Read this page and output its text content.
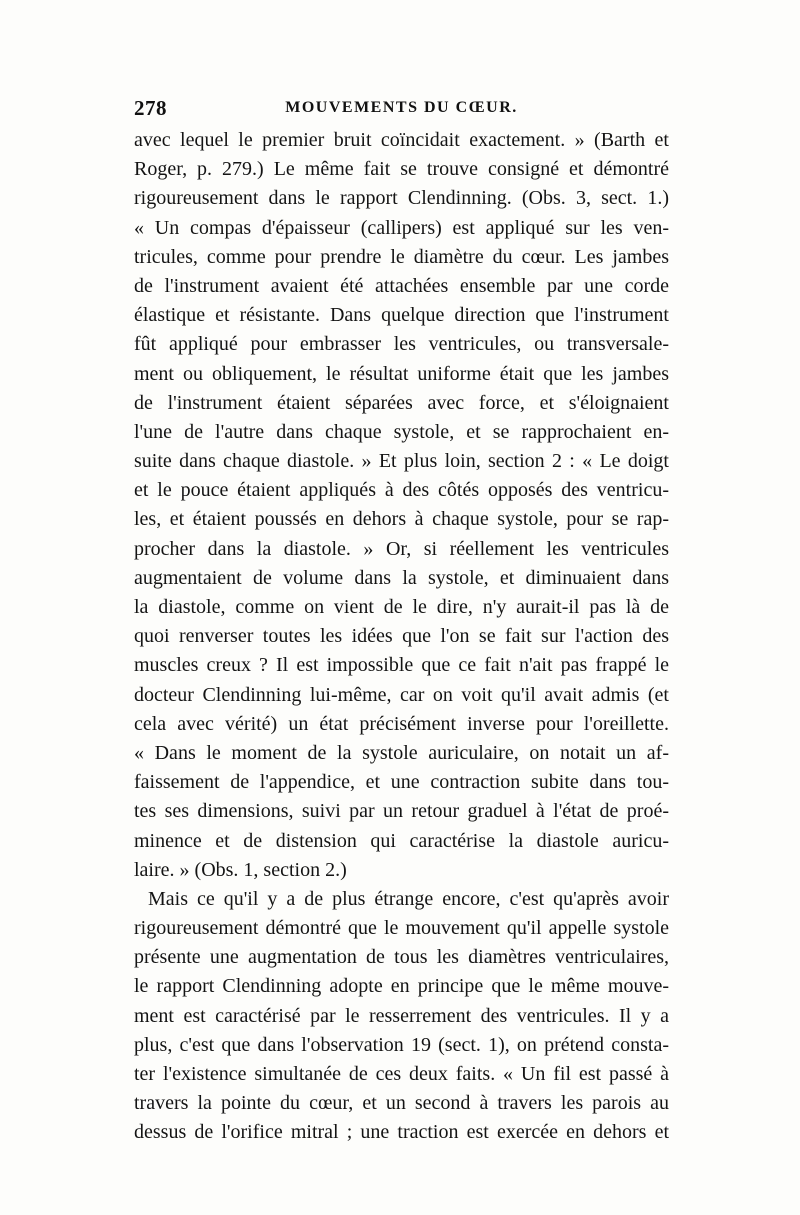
278	MOUVEMENTS DU CŒUR.
avec lequel le premier bruit coïncidait exactement. » (Barth et
Roger, p. 279.) Le même fait se trouve consigné et démontré
rigoureusement dans le rapport Clendinning. (Obs. 3, sect. 1.)
« Un compas d'épaisseur (callipers) est appliqué sur les ven-
tricules, comme pour prendre le diamètre du cœur. Les jambes
de l'instrument avaient été attachées ensemble par une corde
élastique et résistante. Dans quelque direction que l'instrument
fût appliqué pour embrasser les ventricules, ou transversale-
ment ou obliquement, le résultat uniforme était que les jambes
de l'instrument étaient séparées avec force, et s'éloignaient
l'une de l'autre dans chaque systole, et se rapprochaient en-
suite dans chaque diastole. » Et plus loin, section 2 : « Le doigt
et le pouce étaient appliqués à des côtés opposés des ventricu-
les, et étaient poussés en dehors à chaque systole, pour se rap-
procher dans la diastole. » Or, si réellement les ventricules
augmentaient de volume dans la systole, et diminuaient dans
la diastole, comme on vient de le dire, n'y aurait-il pas là de
quoi renverser toutes les idées que l'on se fait sur l'action des
muscles creux ? Il est impossible que ce fait n'ait pas frappé le
docteur Clendinning lui-même, car on voit qu'il avait admis (et
cela avec vérité) un état précisément inverse pour l'oreillette.
« Dans le moment de la systole auriculaire, on notait un af-
faissement de l'appendice, et une contraction subite dans tou-
tes ses dimensions, suivi par un retour graduel à l'état de proé-
minence et de distension qui caractérise la diastole auricu-
laire. » (Obs. 1, section 2.)
Mais ce qu'il y a de plus étrange encore, c'est qu'après avoir
rigoureusement démontré que le mouvement qu'il appelle systole
présente une augmentation de tous les diamètres ventriculaires,
le rapport Clendinning adopte en principe que le même mouve-
ment est caractérisé par le resserrement des ventricules. Il y a
plus, c'est que dans l'observation 19 (sect. 1), on prétend consta-
ter l'existence simultanée de ces deux faits. « Un fil est passé à
travers la pointe du cœur, et un second à travers les parois au
dessus de l'orifice mitral ; une traction est exercée en dehors et
